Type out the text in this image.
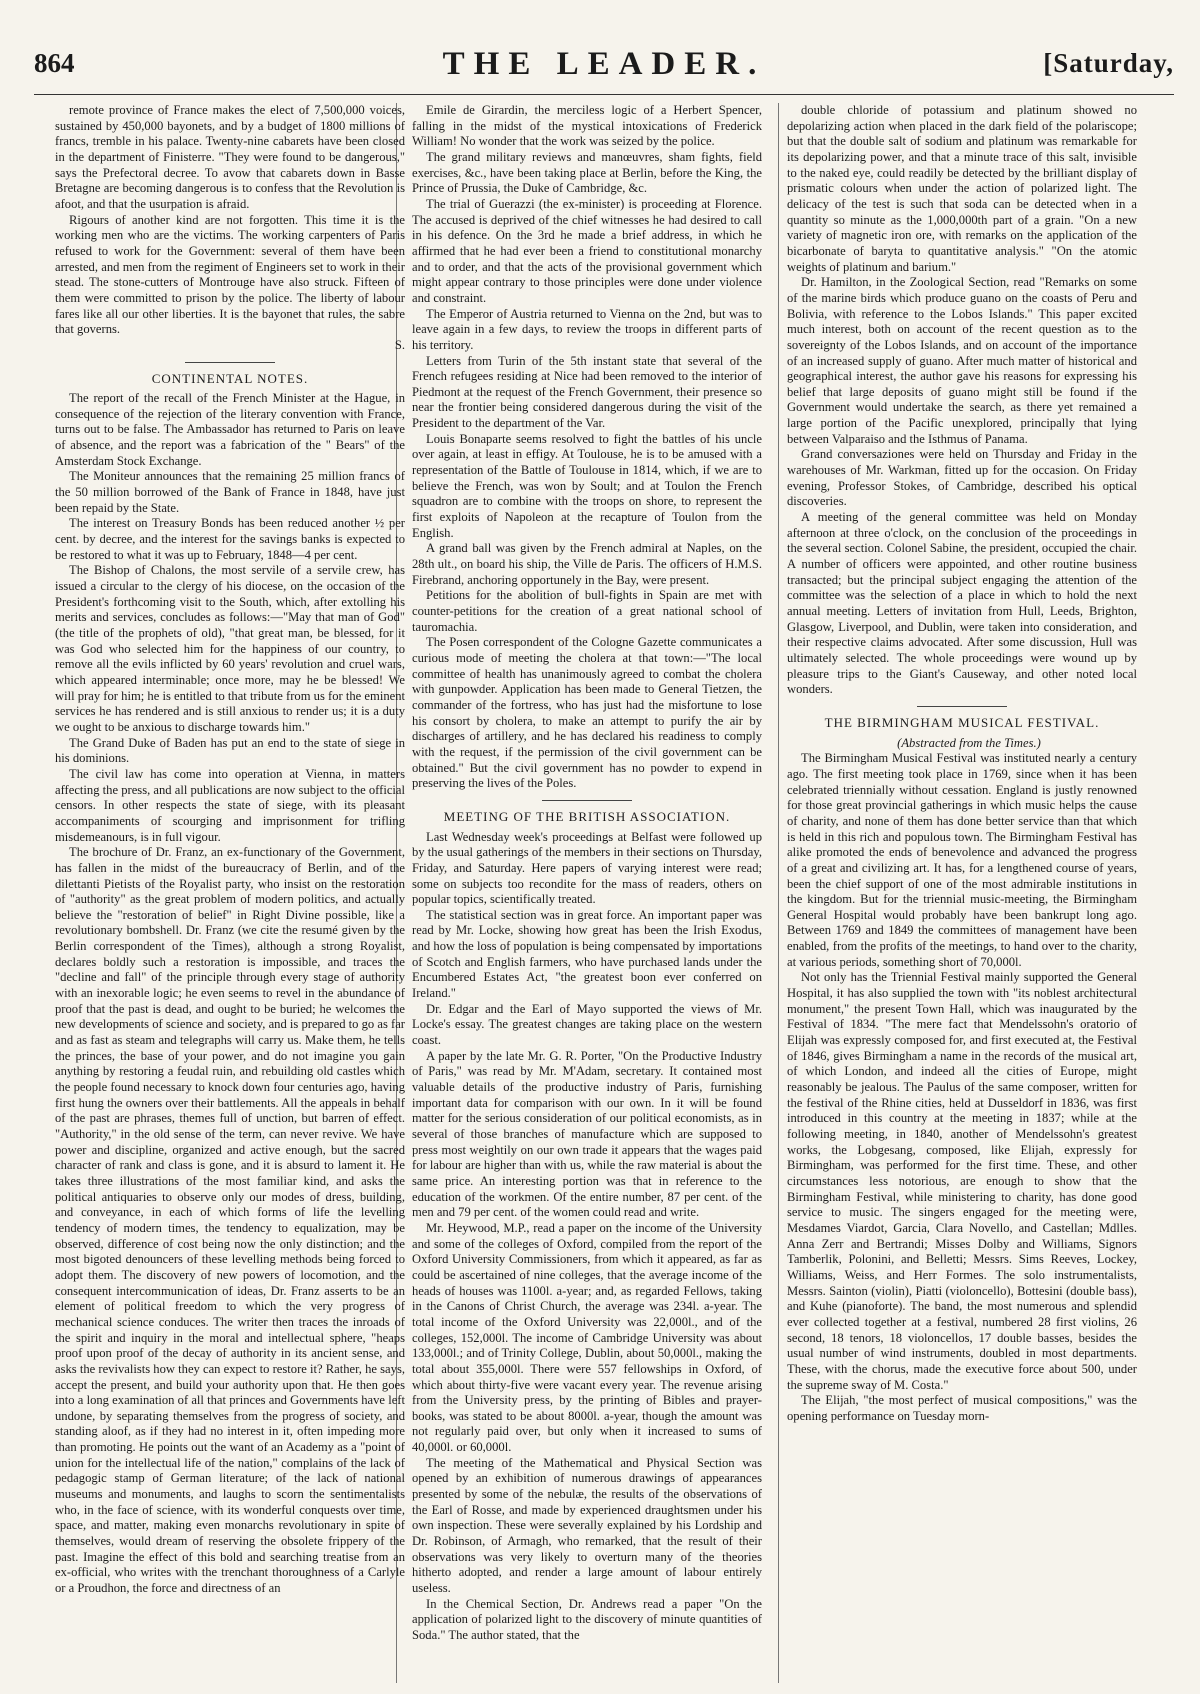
864	THE LEADER.	[Saturday,

remote province of France makes the elect of 7,500,000 voices, sustained by 450,000 bayonets, and by a budget of 1800 millions of francs, tremble in his palace. Twenty-nine cabarets have been closed in the department of Finisterre. "They were found to be dangerous," says the Prefectoral decree. To avow that cabarets down in Basse Bretagne are becoming dangerous is to confess that the Revolution is afoot, and that the usurpation is afraid.

Rigours of another kind are not forgotten. This time it is the working men who are the victims. The working carpenters of Paris refused to work for the Government: several of them have been arrested, and men from the regiment of Engineers set to work in their stead. The stone-cutters of Montrouge have also struck. Fifteen of them were committed to prison by the police. The liberty of labour fares like all our other liberties. It is the bayonet that rules, the sabre that governs.

S.

CONTINENTAL NOTES.

The report of the recall of the French Minister at the Hague, in consequence of the rejection of the literary convention with France, turns out to be false. The Ambassador has returned to Paris on leave of absence, and the report was a fabrication of the " Bears" of the Amsterdam Stock Exchange.

The Moniteur announces that the remaining 25 million francs of the 50 million borrowed of the Bank of France in 1848, have just been repaid by the State.

The interest on Treasury Bonds has been reduced another ½ per cent. by decree, and the interest for the savings banks is expected to be restored to what it was up to February, 1848—4 per cent.

The Bishop of Chalons, the most servile of a servile crew, has issued a circular to the clergy of his diocese, on the occasion of the President's forthcoming visit to the South, which, after extolling his merits and services, concludes as follows:—"May that man of God" (the title of the prophets of old), "that great man, be blessed, for it was God who selected him for the happiness of our country, to remove all the evils inflicted by 60 years' revolution and cruel wars, which appeared interminable; once more, may he be blessed! We will pray for him; he is entitled to that tribute from us for the eminent services he has rendered and is still anxious to render us; it is a duty we ought to be anxious to discharge towards him."

The Grand Duke of Baden has put an end to the state of siege in his dominions.

The civil law has come into operation at Vienna, in matters affecting the press, and all publications are now subject to the official censors. In other respects the state of siege, with its pleasant accompaniments of scourging and imprisonment for trifling misdemeanours, is in full vigour.

The brochure of Dr. Franz, an ex-functionary of the Government, has fallen in the midst of the bureaucracy of Berlin, and of the dilettanti Pietists of the Royalist party, who insist on the restoration of "authority" as the great problem of modern politics, and actually believe the "restoration of belief" in Right Divine possible, like a revolutionary bombshell. Dr. Franz (we cite the resumé given by the Berlin correspondent of the Times), although a strong Royalist, declares boldly such a restoration is impossible, and traces the "decline and fall" of the principle through every stage of authority with an inexorable logic; he even seems to revel in the abundance of proof that the past is dead, and ought to be buried; he welcomes the new developments of science and society, and is prepared to go as far and as fast as steam and telegraphs will carry us. Make them, he tells the princes, the base of your power, and do not imagine you gain anything by restoring a feudal ruin, and rebuilding old castles which the people found necessary to knock down four centuries ago, having first hung the owners over their battlements. All the appeals in behalf of the past are phrases, themes full of unction, but barren of effect. "Authority," in the old sense of the term, can never revive. We have power and discipline, organized and active enough, but the sacred character of rank and class is gone, and it is absurd to lament it. He takes three illustrations of the most familiar kind, and asks the political antiquaries to observe only our modes of dress, building, and conveyance, in each of which forms of life the levelling tendency of modern times, the tendency to equalization, may be observed, difference of cost being now the only distinction; and the most bigoted denouncers of these levelling methods being forced to adopt them. The discovery of new powers of locomotion, and the consequent intercommunication of ideas, Dr. Franz asserts to be an element of political freedom to which the very progress of mechanical science conduces. The writer then traces the inroads of the spirit and inquiry in the moral and intellectual sphere, "heaps proof upon proof of the decay of authority in its ancient sense, and asks the revivalists how they can expect to restore it? Rather, he says, accept the present, and build your authority upon that. He then goes into a long examination of all that princes and Governments have left undone, by separating themselves from the progress of society, and standing aloof, as if they had no interest in it, often impeding more than promoting. He points out the want of an Academy as a "point of union for the intellectual life of the nation," complains of the lack of pedagogic stamp of German literature; of the lack of national museums and monuments, and laughs to scorn the sentimentalists who, in the face of science, with its wonderful conquests over time, space, and matter, making even monarchs revolutionary in spite of themselves, would dream of reserving the obsolete frippery of the past. Imagine the effect of this bold and searching treatise from an ex-official, who writes with the trenchant thoroughness of a Carlyle or a Proudhon, the force and directness of an

Emile de Girardin, the merciless logic of a Herbert Spencer, falling in the midst of the mystical intoxications of Frederick William! No wonder that the work was seized by the police.

The grand military reviews and manœuvres, sham fights, field exercises, &c., have been taking place at Berlin, before the King, the Prince of Prussia, the Duke of Cambridge, &c.

The trial of Guerazzi (the ex-minister) is proceeding at Florence. The accused is deprived of the chief witnesses he had desired to call in his defence. On the 3rd he made a brief address, in which he affirmed that he had ever been a friend to constitutional monarchy and to order, and that the acts of the provisional government which might appear contrary to those principles were done under violence and constraint.

The Emperor of Austria returned to Vienna on the 2nd, but was to leave again in a few days, to review the troops in different parts of his territory.

Letters from Turin of the 5th instant state that several of the French refugees residing at Nice had been removed to the interior of Piedmont at the request of the French Government, their presence so near the frontier being considered dangerous during the visit of the President to the department of the Var.

Louis Bonaparte seems resolved to fight the battles of his uncle over again, at least in effigy. At Toulouse, he is to be amused with a representation of the Battle of Toulouse in 1814, which, if we are to believe the French, was won by Soult; and at Toulon the French squadron are to combine with the troops on shore, to represent the first exploits of Napoleon at the recapture of Toulon from the English.

A grand ball was given by the French admiral at Naples, on the 28th ult., on board his ship, the Ville de Paris. The officers of H.M.S. Firebrand, anchoring opportunely in the Bay, were present.

Petitions for the abolition of bull-fights in Spain are met with counter-petitions for the creation of a great national school of tauromachia.

The Posen correspondent of the Cologne Gazette communicates a curious mode of meeting the cholera at that town:—"The local committee of health has unanimously agreed to combat the cholera with gunpowder. Application has been made to General Tietzen, the commander of the fortress, who has just had the misfortune to lose his consort by cholera, to make an attempt to purify the air by discharges of artillery, and he has declared his readiness to comply with the request, if the permission of the civil government can be obtained." But the civil government has no powder to expend in preserving the lives of the Poles.

MEETING OF THE BRITISH ASSOCIATION.

Last Wednesday week's proceedings at Belfast were followed up by the usual gatherings of the members in their sections on Thursday, Friday, and Saturday. Here papers of varying interest were read; some on subjects too recondite for the mass of readers, others on popular topics, scientifically treated.

The statistical section was in great force. An important paper was read by Mr. Locke, showing how great has been the Irish Exodus, and how the loss of population is being compensated by importations of Scotch and English farmers, who have purchased lands under the Encumbered Estates Act, "the greatest boon ever conferred on Ireland."

Dr. Edgar and the Earl of Mayo supported the views of Mr. Locke's essay. The greatest changes are taking place on the western coast.

A paper by the late Mr. G. R. Porter, "On the Productive Industry of Paris," was read by Mr. M'Adam, secretary. It contained most valuable details of the productive industry of Paris, furnishing important data for comparison with our own. In it will be found matter for the serious consideration of our political economists, as in several of those branches of manufacture which are supposed to press most weightily on our own trade it appears that the wages paid for labour are higher than with us, while the raw material is about the same price. An interesting portion was that in reference to the education of the workmen. Of the entire number, 87 per cent. of the men and 79 per cent. of the women could read and write.

Mr. Heywood, M.P., read a paper on the income of the University and some of the colleges of Oxford, compiled from the report of the Oxford University Commissioners, from which it appeared, as far as could be ascertained of nine colleges, that the average income of the heads of houses was 1100l. a-year; and, as regarded Fellows, taking in the Canons of Christ Church, the average was 234l. a-year. The total income of the Oxford University was 22,000l., and of the colleges, 152,000l. The income of Cambridge University was about 133,000l.; and of Trinity College, Dublin, about 50,000l., making the total about 355,000l. There were 557 fellowships in Oxford, of which about thirty-five were vacant every year. The revenue arising from the University press, by the printing of Bibles and prayer-books, was stated to be about 8000l. a-year, though the amount was not regularly paid over, but only when it increased to sums of 40,000l. or 60,000l.

The meeting of the Mathematical and Physical Section was opened by an exhibition of numerous drawings of appearances presented by some of the nebulæ, the results of the observations of the Earl of Rosse, and made by experienced draughtsmen under his own inspection. These were severally explained by his Lordship and Dr. Robinson, of Armagh, who remarked, that the result of their observations was very likely to overturn many of the theories hitherto adopted, and render a large amount of labour entirely useless.

In the Chemical Section, Dr. Andrews read a paper "On the application of polarized light to the discovery of minute quantities of Soda." The author stated, that the

double chloride of potassium and platinum showed no depolarizing action when placed in the dark field of the polariscope; but that the double salt of sodium and platinum was remarkable for its depolarizing power, and that a minute trace of this salt, invisible to the naked eye, could readily be detected by the brilliant display of prismatic colours when under the action of polarized light. The delicacy of the test is such that soda can be detected when in a quantity so minute as the 1,000,000th part of a grain. "On a new variety of magnetic iron ore, with remarks on the application of the bicarbonate of baryta to quantitative analysis." "On the atomic weights of platinum and barium."

Dr. Hamilton, in the Zoological Section, read "Remarks on some of the marine birds which produce guano on the coasts of Peru and Bolivia, with reference to the Lobos Islands." This paper excited much interest, both on account of the recent question as to the sovereignty of the Lobos Islands, and on account of the importance of an increased supply of guano. After much matter of historical and geographical interest, the author gave his reasons for expressing his belief that large deposits of guano might still be found if the Government would undertake the search, as there yet remained a large portion of the Pacific unexplored, principally that lying between Valparaiso and the Isthmus of Panama.

Grand conversaziones were held on Thursday and Friday in the warehouses of Mr. Warkman, fitted up for the occasion. On Friday evening, Professor Stokes, of Cambridge, described his optical discoveries.

A meeting of the general committee was held on Monday afternoon at three o'clock, on the conclusion of the proceedings in the several section. Colonel Sabine, the president, occupied the chair. A number of officers were appointed, and other routine business transacted; but the principal subject engaging the attention of the committee was the selection of a place in which to hold the next annual meeting. Letters of invitation from Hull, Leeds, Brighton, Glasgow, Liverpool, and Dublin, were taken into consideration, and their respective claims advocated. After some discussion, Hull was ultimately selected. The whole proceedings were wound up by pleasure trips to the Giant's Causeway, and other noted local wonders.

THE BIRMINGHAM MUSICAL FESTIVAL.

(Abstracted from the Times.)

The Birmingham Musical Festival was instituted nearly a century ago. The first meeting took place in 1769, since when it has been celebrated triennially without cessation. England is justly renowned for those great provincial gatherings in which music helps the cause of charity, and none of them has done better service than that which is held in this rich and populous town. The Birmingham Festival has alike promoted the ends of benevolence and advanced the progress of a great and civilizing art. It has, for a lengthened course of years, been the chief support of one of the most admirable institutions in the kingdom. But for the triennial music-meeting, the Birmingham General Hospital would probably have been bankrupt long ago. Between 1769 and 1849 the committees of management have been enabled, from the profits of the meetings, to hand over to the charity, at various periods, something short of 70,000l.

Not only has the Triennial Festival mainly supported the General Hospital, it has also supplied the town with "its noblest architectural monument," the present Town Hall, which was inaugurated by the Festival of 1834. "The mere fact that Mendelssohn's oratorio of Elijah was expressly composed for, and first executed at, the Festival of 1846, gives Birmingham a name in the records of the musical art, of which London, and indeed all the cities of Europe, might reasonably be jealous. The Paulus of the same composer, written for the festival of the Rhine cities, held at Dusseldorf in 1836, was first introduced in this country at the meeting in 1837; while at the following meeting, in 1840, another of Mendelssohn's greatest works, the Lobgesang, composed, like Elijah, expressly for Birmingham, was performed for the first time. These, and other circumstances less notorious, are enough to show that the Birmingham Festival, while ministering to charity, has done good service to music. The singers engaged for the meeting were, Mesdames Viardot, Garcia, Clara Novello, and Castellan; Mdlles. Anna Zerr and Bertrandi; Misses Dolby and Williams, Signors Tamberlik, Polonini, and Belletti; Messrs. Sims Reeves, Lockey, Williams, Weiss, and Herr Formes. The solo instrumentalists, Messrs. Sainton (violin), Piatti (violoncello), Bottesini (double bass), and Kuhe (pianoforte). The band, the most numerous and splendid ever collected together at a festival, numbered 28 first violins, 26 second, 18 tenors, 18 violoncellos, 17 double basses, besides the usual number of wind instruments, doubled in most departments. These, with the chorus, made the executive force about 500, under the supreme sway of M. Costa."

The Elijah, "the most perfect of musical compositions," was the opening performance on Tuesday morn-
